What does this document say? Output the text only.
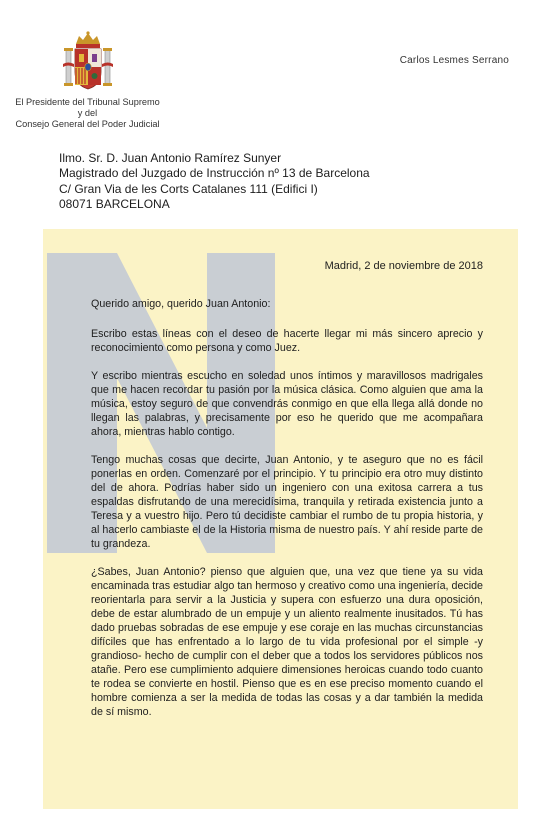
Carlos Lesmes Serrano
El Presidente del Tribunal Supremo
y del
Consejo General del Poder Judicial
Ilmo. Sr. D. Juan Antonio Ramírez Sunyer
Magistrado del Juzgado de Instrucción nº 13 de Barcelona
C/ Gran Via de les Corts Catalanes 111 (Edifici I)
08071 BARCELONA
Madrid, 2 de noviembre de 2018
Querido amigo, querido Juan Antonio:

Escribo estas líneas con el deseo de hacerte llegar mi más sincero aprecio y reconocimiento como persona y como Juez.

Y escribo mientras escucho en soledad unos íntimos y maravillosos madrigales que me hacen recordar tu pasión por la música clásica. Como alguien que ama la música, estoy seguro de que convendrás conmigo en que ella llega allá donde no llegan las palabras, y precisamente por eso he querido que me acompañara ahora, mientras hablo contigo.

Tengo muchas cosas que decirte, Juan Antonio, y te aseguro que no es fácil ponerlas en orden. Comenzaré por el principio. Y tu principio era otro muy distinto del de ahora. Podrías haber sido un ingeniero con una exitosa carrera a tus espaldas disfrutando de una merecidísima, tranquila y retirada existencia junto a Teresa y a vuestro hijo. Pero tú decidiste cambiar el rumbo de tu propia historia, y al hacerlo cambiaste el de la Historia misma de nuestro país. Y ahí reside parte de tu grandeza.

¿Sabes, Juan Antonio? pienso que alguien que, una vez que tiene ya su vida encaminada tras estudiar algo tan hermoso y creativo como una ingeniería, decide reorientarla para servir a la Justicia y supera con esfuerzo una dura oposición, debe de estar alumbrado de un empuje y un aliento realmente inusitados. Tú has dado pruebas sobradas de ese empuje y ese coraje en las muchas circunstancias difíciles que has enfrentado a lo largo de tu vida profesional por el simple -y grandioso- hecho de cumplir con el deber que a todos los servidores públicos nos atañe. Pero ese cumplimiento adquiere dimensiones heroicas cuando todo cuanto te rodea se convierte en hostil. Pienso que es en ese preciso momento cuando el hombre comienza a ser la medida de todas las cosas y a dar también la medida de sí mismo.
